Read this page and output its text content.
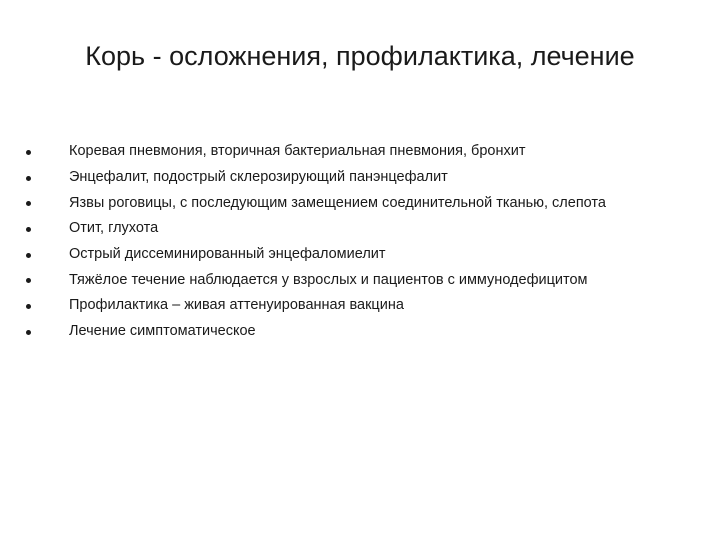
Корь - осложнения, профилактика, лечение
Коревая пневмония, вторичная бактериальная пневмония, бронхит
Энцефалит, подострый склерозирующий панэнцефалит
Язвы роговицы, с последующим замещением соединительной тканью, слепота
Отит, глухота
Острый диссеминированный энцефаломиелит
Тяжёлое течение наблюдается у взрослых и пациентов с иммунодефицитом
Профилактика – живая аттенуированная вакцина
Лечение симптоматическое
